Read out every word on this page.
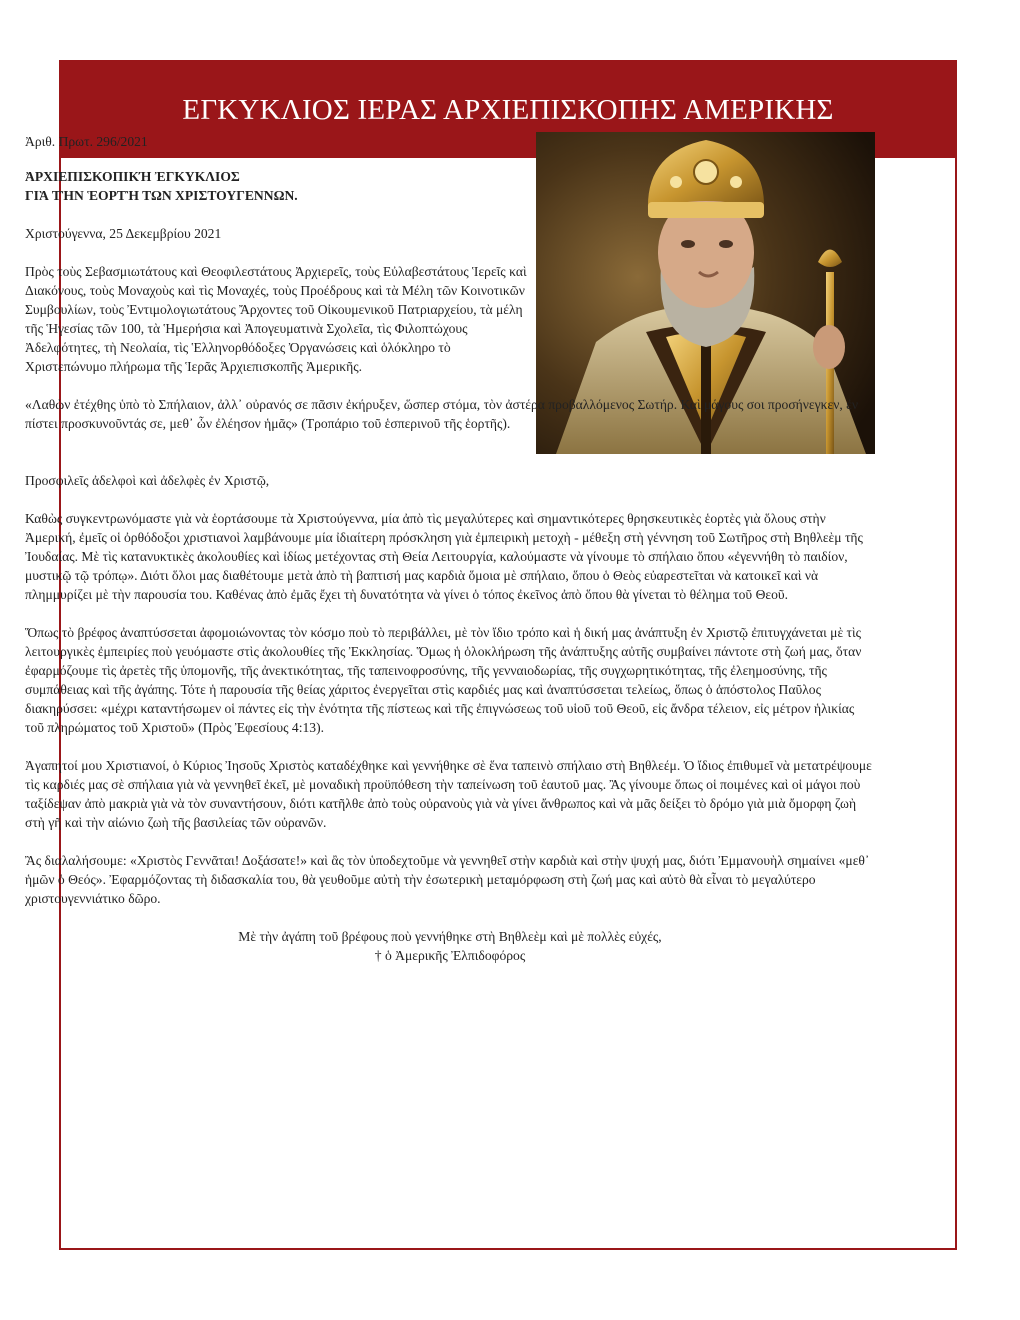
ΕΓΚΥΚΛΙΟΣ ΙΕΡΑΣ ΑΡΧΙΕΠΙΣΚΟΠΗΣ ΑΜΕΡΙΚΗΣ

Ἀριθ. Πρωτ. 296/2021

ἈΡΧΙΕΠΙΣΚΟΠΙΚΉ ἘΓΚΥΚΛΙΟΣ
ΓΙᾺ ΤῊΝ ἙΟΡΤῊ ΤΩΝ ΧΡΙΣΤΟΥΓΕΝΝΩΝ.

Χριστούγεννα, 25 Δεκεμβρίου 2021

Πρὸς τοὺς Σεβασμιωτάτους καὶ Θεοφιλεστάτους Ἀρχιερεῖς, τοὺς Εὐλαβεστάτους Ἱερεῖς καὶ Διακόνους, τοὺς Μοναχοὺς καὶ τὶς Μοναχές, τοὺς Προέδρους καὶ τὰ Μέλη τῶν Κοινοτικῶν Συμβουλίων, τοὺς Ἐντιμολογιωτάτους Ἄρχοντες τοῦ Οἰκουμενικοῦ Πατριαρχείου, τὰ μέλη τῆς Ἡγεσίας τῶν 100, τὰ Ἡμερήσια καὶ Ἀπογευματινὰ Σχολεῖα, τὶς Φιλοπτώχους Ἀδελφότητες, τὴ Νεολαία, τὶς Ἑλληνορθόδοξες Ὀργανώσεις καὶ ὁλόκληρο τὸ Χριστεπώνυμο πλήρωμα τῆς Ἱερᾶς Ἀρχιεπισκοπῆς Ἀμερικῆς.

«Λαθὼν ἐτέχθης ὑπὸ τὸ Σπήλαιον, ἀλλ᾽ οὐρανός σε πᾶσιν ἐκήρυξεν, ὥσπερ στόμα, τὸν ἀστέρα προβαλλόμενος Σωτήρ. Καὶ μάγους σοι προσήνεγκεν, ἐν πίστει προσκυνοῦντάς σε, μεθ᾽ ὧν ἐλέησον ἡμᾶς» (Τροπάριο τοῦ ἑσπερινοῦ τῆς ἑορτῆς).

Προσφιλεῖς ἀδελφοὶ καὶ ἀδελφὲς ἐν Χριστῷ,

Καθὼς συγκεντρωνόμαστε γιὰ νὰ ἑορτάσουμε τὰ Χριστούγεννα, μία ἀπὸ τὶς μεγαλύτερες καὶ σημαντικότερες θρησκευτικὲς ἑορτὲς γιὰ ὅλους στὴν Ἀμερική, ἐμεῖς οἱ ὀρθόδοξοι χριστιανοὶ λαμβάνουμε μία ἰδιαίτερη πρόσκληση γιὰ ἐμπειρικὴ μετοχὴ - μέθεξη στὴ γέννηση τοῦ Σωτῆρος στὴ Βηθλεὲμ τῆς Ἰουδαίας. Μὲ τὶς κατανυκτικὲς ἀκολουθίες καὶ ἰδίως μετέχοντας στὴ Θεία Λειτουργία, καλούμαστε νὰ γίνουμε τὸ σπήλαιο ὅπου «ἐγεννήθη τὸ παιδίον, μυστικῷ τῷ τρόπῳ». Διότι ὅλοι μας διαθέτουμε μετὰ ἀπὸ τὴ βαπτισή μας καρδιὰ ὅμοια μὲ σπήλαιο, ὅπου ὁ Θεὸς εὐαρεστεῖται νὰ κατοικεῖ καὶ νὰ πλημμυρίζει μὲ τὴν παρουσία του. Καθένας ἀπὸ ἐμᾶς ἔχει τὴ δυνατότητα νὰ γίνει ὁ τόπος ἐκεῖνος ἀπὸ ὅπου θὰ γίνεται τὸ θέλημα τοῦ Θεοῦ.

Ὅπως τὸ βρέφος ἀναπτύσσεται ἀφομοιώνοντας τὸν κόσμο ποὺ τὸ περιβάλλει, μὲ τὸν ἴδιο τρόπο καὶ ἡ δική μας ἀνάπτυξη ἐν Χριστῷ ἐπιτυγχάνεται μὲ τὶς λειτουργικὲς ἐμπειρίες ποὺ γευόμαστε στὶς ἀκολουθίες τῆς Ἐκκλησίας. Ὅμως ἡ ὁλοκλήρωση τῆς ἀνάπτυξης αὐτῆς συμβαίνει πάντοτε στὴ ζωή μας, ὅταν ἐφαρμόζουμε τὶς ἀρετὲς τῆς ὑπομονῆς, τῆς ἀνεκτικότητας, τῆς ταπεινοφροσύνης, τῆς γενναιοδωρίας, τῆς συγχωρητικότητας, τῆς ἐλεημοσύνης, τῆς συμπάθειας καὶ τῆς ἀγάπης. Τότε ἡ παρουσία τῆς θείας χάριτος ἐνεργεῖται στὶς καρδιές μας καὶ ἀναπτύσσεται τελείως, ὅπως ὁ ἀπόστολος Παῦλος διακηρύσσει: «μέχρι καταντήσωμεν οἱ πάντες εἰς τὴν ἑνότητα τῆς πίστεως καὶ τῆς ἐπιγνώσεως τοῦ υἱοῦ τοῦ Θεοῦ, εἰς ἄνδρα τέλειον, εἰς μέτρον ἡλικίας τοῦ πληρώματος τοῦ Χριστοῦ» (Πρὸς Ἐφεσίους 4:13).

Ἀγαπητοί μου Χριστιανοί, ὁ Κύριος Ἰησοῦς Χριστὸς καταδέχθηκε καὶ γεννήθηκε σὲ ἕνα ταπεινὸ σπήλαιο στὴ Βηθλεέμ. Ὁ ἴδιος ἐπιθυμεῖ νὰ μετατρέψουμε τὶς καρδιές μας σὲ σπήλαια γιὰ νὰ γεννηθεῖ ἐκεῖ, μὲ μοναδικὴ προϋπόθεση τὴν ταπείνωση τοῦ ἑαυτοῦ μας. Ἂς γίνουμε ὅπως οἱ ποιμένες καὶ οἱ μάγοι ποὺ ταξίδεψαν ἀπὸ μακριὰ γιὰ νὰ τὸν συναντήσουν, διότι κατῆλθε ἀπὸ τοὺς οὐρανοὺς γιὰ νὰ γίνει ἄνθρωπος καὶ νὰ μᾶς δείξει τὸ δρόμο γιὰ μιὰ ὄμορφη ζωὴ στὴ γῆ καὶ τὴν αἰώνιο ζωὴ τῆς βασιλείας τῶν οὐρανῶν.

Ἂς διαλαλήσουμε: «Χριστὸς Γεννᾶται! Δοξάσατε!» καὶ ἂς τὸν ὑποδεχτοῦμε νὰ γεννηθεῖ στὴν καρδιὰ καὶ στὴν ψυχή μας, διότι Ἐμμανουὴλ σημαίνει «μεθ᾽ ἡμῶν ὁ Θεός». Ἐφαρμόζοντας τὴ διδασκαλία του, θὰ γευθοῦμε αὐτὴ τὴν ἐσωτερικὴ μεταμόρφωση στὴ ζωή μας καὶ αὐτὸ θὰ εἶναι τὸ μεγαλύτερο χριστουγεννιάτικο δῶρο.

Μὲ τὴν ἀγάπη τοῦ βρέφους ποὺ γεννήθηκε στὴ Βηθλεὲμ καὶ μὲ πολλὲς εὐχές,
† ὁ Ἀμερικῆς Ἐλπιδοφόρος
